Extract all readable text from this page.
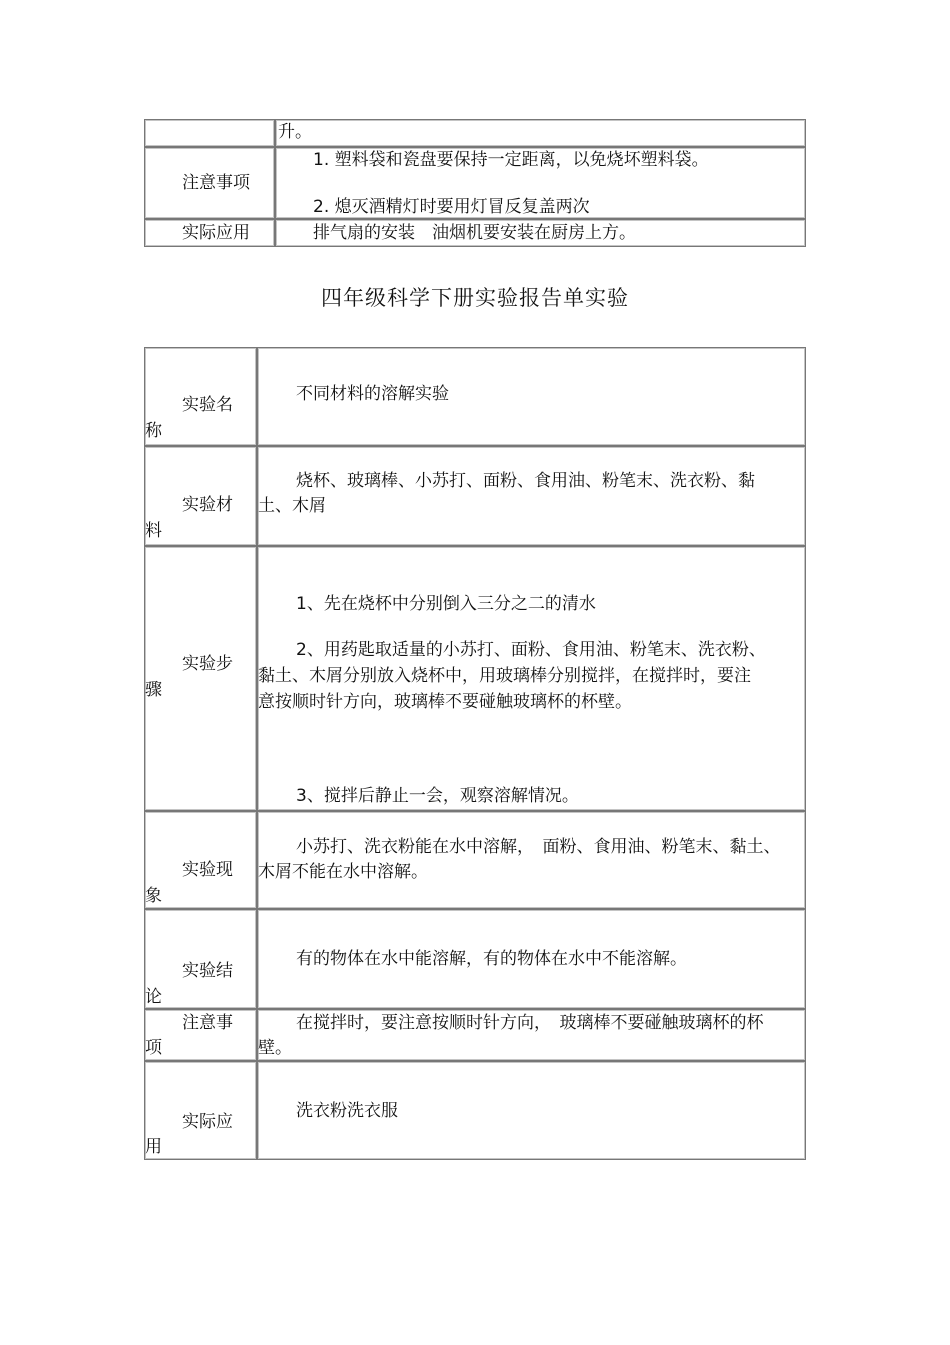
升。
注意事项
1. 塑料袋和瓷盘要保持一定距离，以免烧坏塑料袋。
2. 熄灭酒精灯时要用灯冒反复盖两次
实际应用	排气扇的安装　油烟机要安装在厨房上方。
四年级科学下册实验报告单实验
实验名
称
不同材料的溶解实验
实验材
料
烧杯、玻璃棒、小苏打、面粉、食用油、粉笔末、洗衣粉、黏
土、木屑
实验步
骤
1、先在烧杯中分别倒入三分之二的清水
2、用药匙取适量的小苏打、面粉、食用油、粉笔末、洗衣粉、
黏土、木屑分别放入烧杯中，用玻璃棒分别搅拌，在搅拌时，要注
意按顺时针方向，玻璃棒不要碰触玻璃杯的杯壁。
3、搅拌后静止一会，观察溶解情况。
实验现
象
小苏打、洗衣粉能在水中溶解，　面粉、食用油、粉笔末、黏土、
木屑不能在水中溶解。
实验结
论
有的物体在水中能溶解，有的物体在水中不能溶解。
注意事
项
在搅拌时，要注意按顺时针方向，　玻璃棒不要碰触玻璃杯的杯
壁。
实际应
用
洗衣粉洗衣服
